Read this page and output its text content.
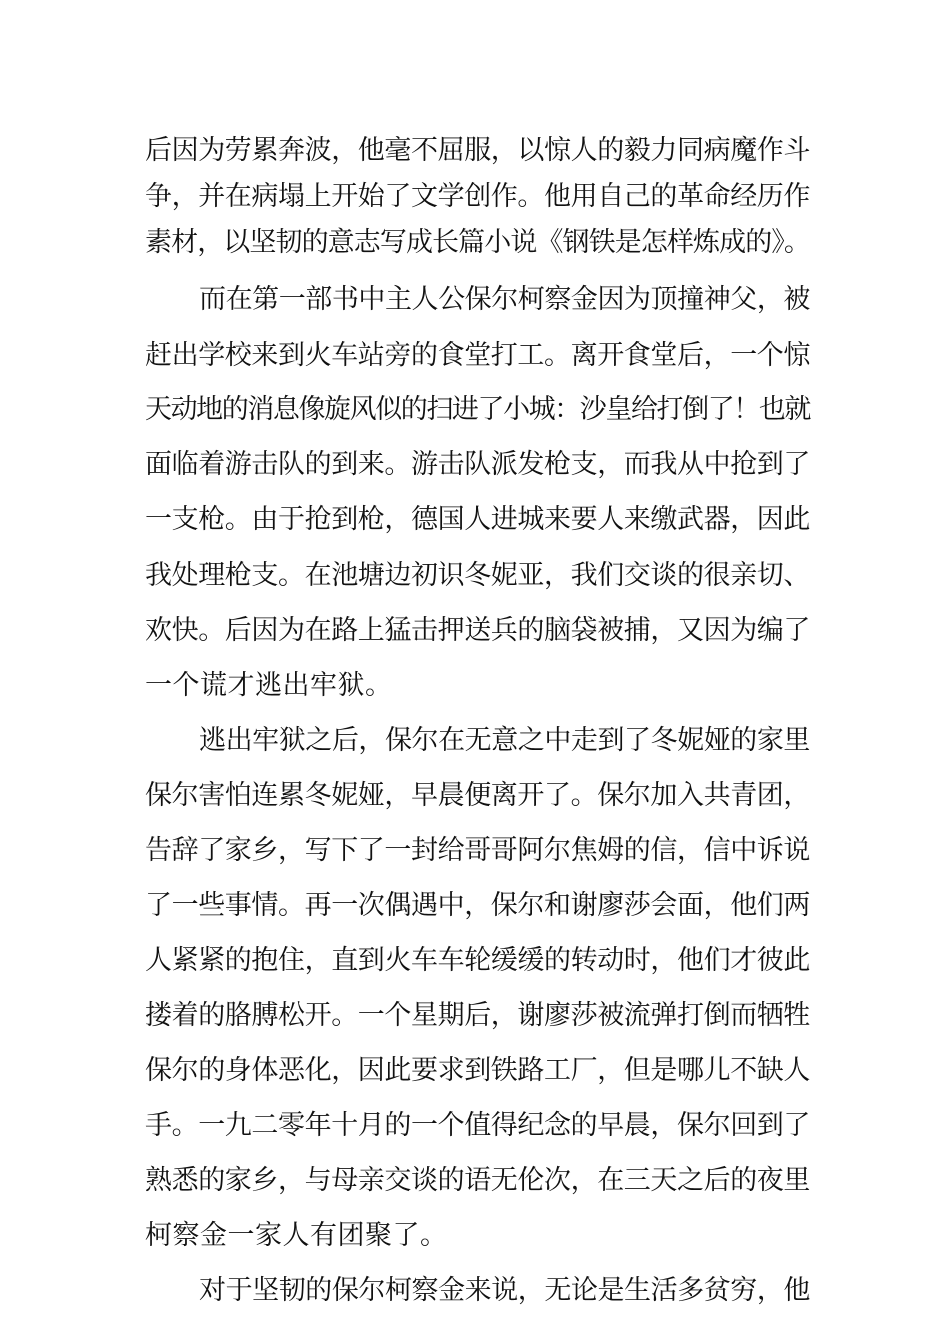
后因为劳累奔波，他毫不屈服，以惊人的毅力同病魔作斗
争，并在病塌上开始了文学创作。他用自己的革命经历作
素材，以坚韧的意志写成长篇小说《钢铁是怎样炼成的》。
而在第一部书中主人公保尔柯察金因为顶撞神父，被
赶出学校来到火车站旁的食堂打工。离开食堂后，一个惊
天动地的消息像旋风似的扫进了小城：沙皇给打倒了！也就
面临着游击队的到来。游击队派发枪支，而我从中抢到了
一支枪。由于抢到枪，德国人进城来要人来缴武器，因此
我处理枪支。在池塘边初识冬妮亚，我们交谈的很亲切、
欢快。后因为在路上猛击押送兵的脑袋被捕，又因为编了
一个谎才逃出牢狱。
逃出牢狱之后，保尔在无意之中走到了冬妮娅的家里
保尔害怕连累冬妮娅，早晨便离开了。保尔加入共青团，
告辞了家乡，写下了一封给哥哥阿尔焦姆的信，信中诉说
了一些事情。再一次偶遇中，保尔和谢廖莎会面，他们两
人紧紧的抱住，直到火车车轮缓缓的转动时，他们才彼此
搂着的胳膊松开。一个星期后，谢廖莎被流弹打倒而牺牲
保尔的身体恶化，因此要求到铁路工厂，但是哪儿不缺人
手。一九二零年十月的一个值得纪念的早晨，保尔回到了
熟悉的家乡，与母亲交谈的语无伦次，在三天之后的夜里
柯察金一家人有团聚了。
对于坚韧的保尔柯察金来说，无论是生活多贫穷，他
